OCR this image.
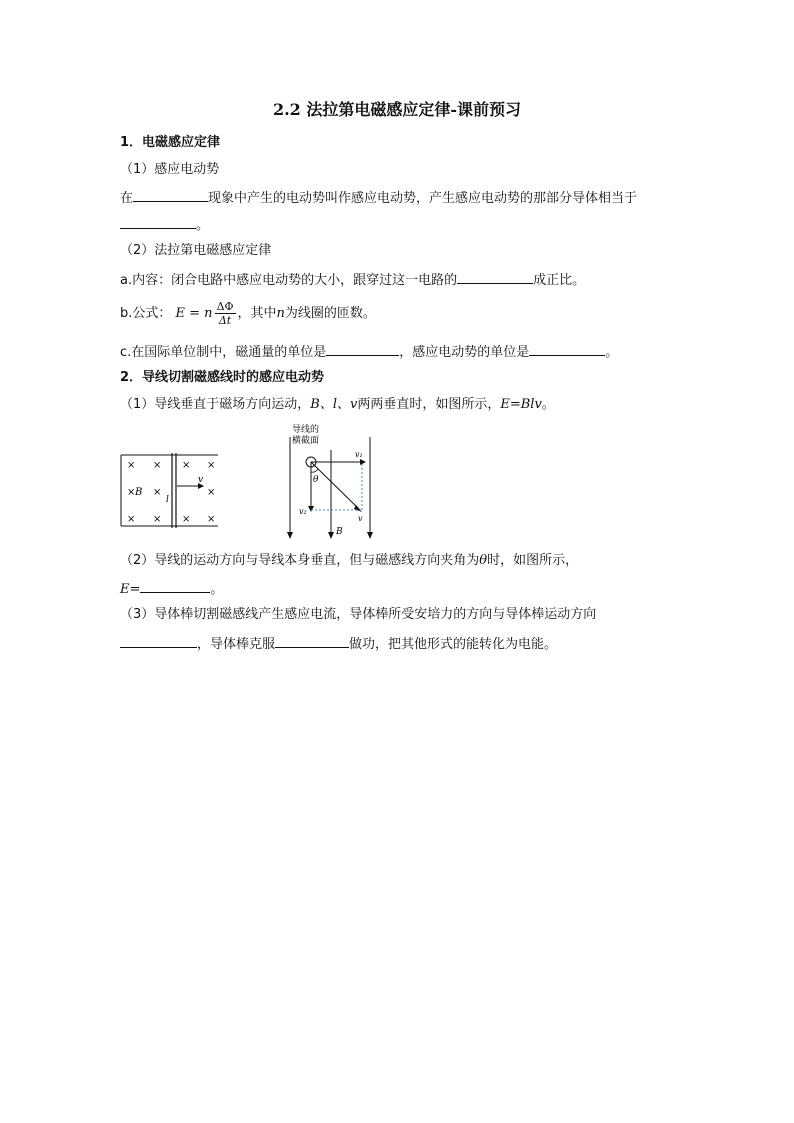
2.2 法拉第电磁感应定律-课前预习
1．电磁感应定律
（1）感应电动势
在	现象中产生的电动势叫作感应电动势，产生感应电动势的那部分导体相当于
。
（2）法拉第电磁感应定律
a.内容：闭合电路中感应电动势的大小，跟穿过这一电路的	成正比。
b.公式： E = n $\frac{\Delta\Phi}{\Delta t}$ ，其中n为线圈的匝数。
c.在国际单位制中，磁通量的单位是	，感应电动势的单位是	。
2．导线切割磁感线时的感应电动势
（1）导线垂直于磁场方向运动，B、l、v两两垂直时，如图所示，E=Blv。
× × × ×
× B ×	×
× × × ×
l
v
导线的
横截面
v₁
v₂
v
θ
B
（2）导线的运动方向与导线本身垂直，但与磁感线方向夹角为θ时，如图所示，
E=	。
（3）导体棒切割磁感线产生感应电流，导体棒所受安培力的方向与导体棒运动方向
，导体棒克服	做功，把其他形式的能转化为电能。
